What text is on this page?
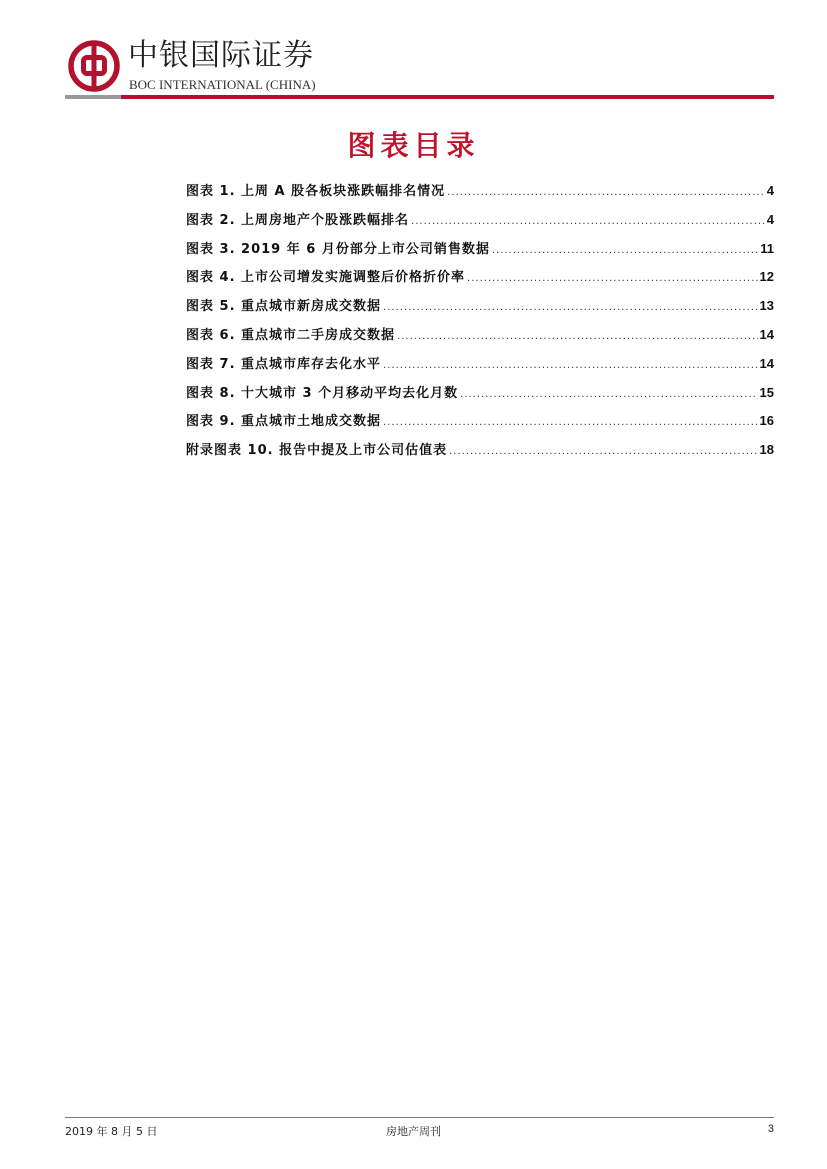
中银国际证券
BOC INTERNATIONAL (CHINA)
图表目录
图表 1. 上周 A 股各板块涨跌幅排名情况 .....	4
图表 2. 上周房地产个股涨跌幅排名 .....	4
图表 3. 2019 年 6 月份部分上市公司销售数据 .....	11
图表 4. 上市公司增发实施调整后价格折价率 .....	12
图表 5. 重点城市新房成交数据 .....	13
图表 6. 重点城市二手房成交数据 .....	14
图表 7. 重点城市库存去化水平 .....	14
图表 8. 十大城市 3 个月移动平均去化月数 .....	15
图表 9. 重点城市土地成交数据 .....	16
附录图表 10. 报告中提及上市公司估值表 .....	18
2019 年 8 月 5 日	房地产周刊	3
